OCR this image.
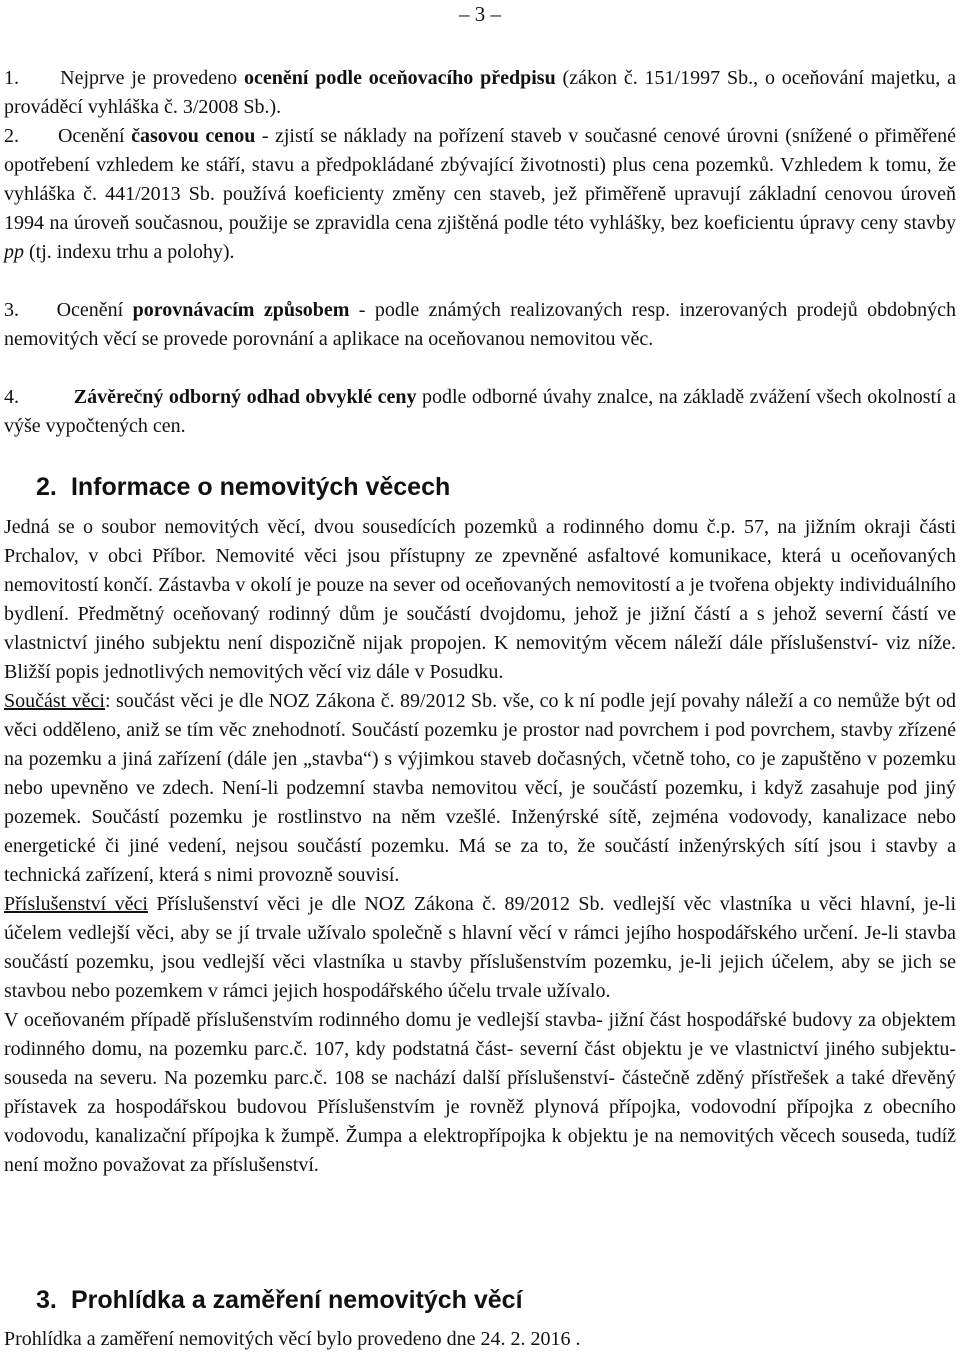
– 3 –

1. Nejprve je provedeno ocenění podle oceňovacího předpisu (zákon č. 151/1997 Sb., o oceňování majetku, a prováděcí vyhláška č. 3/2008 Sb.).

2. Ocenění časovou cenou - zjistí se náklady na pořízení staveb v současné cenové úrovni (snížené o přiměřené opotřebení vzhledem ke stáří, stavu a předpokládané zbývající životnosti) plus cena pozemků. Vzhledem k tomu, že vyhláška č. 441/2013 Sb. používá koeficienty změny cen staveb, jež přiměřeně upravují základní cenovou úroveň 1994 na úroveň současnou, použije se zpravidla cena zjištěná podle této vyhlášky, bez koeficientu úpravy ceny stavby pp (tj. indexu trhu a polohy).

3. Ocenění porovnávacím způsobem - podle známých realizovaných resp. inzerovaných prodejů obdobných nemovitých věcí se provede porovnání a aplikace na oceňovanou nemovitou věc.

4.	Závěrečný odborný odhad obvyklé ceny podle odborné úvahy znalce, na základě zvážení všech okolností a výše vypočtených cen.

2. Informace o nemovitých věcech

Jedná se o soubor nemovitých věcí, dvou sousedících pozemků a rodinného domu č.p. 57, na jižním okraji části Prchalov, v obci Příbor. Nemovité věci jsou přístupny ze zpevněné asfaltové komunikace, která u oceňovaných nemovitostí končí. Zástavba v okolí je pouze na sever od oceňovaných nemovitostí a je tvořena objekty individuálního bydlení. Předmětný oceňovaný rodinný dům je součástí dvojdomu, jehož je jižní částí a s jehož severní částí ve vlastnictví jiného subjektu není dispozičně nijak propojen. K nemovitým věcem náleží dále příslušenství- viz níže. Bližší popis jednotlivých nemovitých věcí viz dále v Posudku.

Součást věci: součást věci je dle NOZ Zákona č. 89/2012 Sb. vše, co k ní podle její povahy náleží a co nemůže být od věci odděleno, aniž se tím věc znehodnotí. Součástí pozemku je prostor nad povrchem i pod povrchem, stavby zřízené na pozemku a jiná zařízení (dále jen „stavba“) s výjimkou staveb dočasných, včetně toho, co je zapuštěno v pozemku nebo upevněno ve zdech. Není-li podzemní stavba nemovitou věcí, je součástí pozemku, i když zasahuje pod jiný pozemek. Součástí pozemku je rostlinstvo na něm vzešlé. Inženýrské sítě, zejména vodovody, kanalizace nebo energetické či jiné vedení, nejsou součástí pozemku. Má se za to, že součástí inženýrských sítí jsou i stavby a technická zařízení, která s nimi provozně souvisí.

Příslušenství věci Příslušenství věci je dle NOZ Zákona č. 89/2012 Sb. vedlejší věc vlastníka u věci hlavní, je-li účelem vedlejší věci, aby se jí trvale užívalo společně s hlavní věcí v rámci jejího hospodářského určení. Je-li stavba součástí pozemku, jsou vedlejší věci vlastníka u stavby příslušenstvím pozemku, je-li jejich účelem, aby se jich se stavbou nebo pozemkem v rámci jejich hospodářského účelu trvale užívalo.

V oceňovaném případě příslušenstvím rodinného domu je vedlejší stavba- jižní část hospodářské budovy za objektem rodinného domu, na pozemku parc.č. 107, kdy podstatná část- severní část objektu je ve vlastnictví jiného subjektu- souseda na severu. Na pozemku parc.č. 108 se nachází další příslušenství- částečně zděný přístřešek a také dřevěný přístavek za hospodářskou budovou Příslušenstvím je rovněž plynová přípojka, vodovodní přípojka z obecního vodovodu, kanalizační přípojka k žumpě. Žumpa a elektropřípojka k objektu je na nemovitých věcech souseda, tudíž není možno považovat za příslušenství.

3. Prohlídka a zaměření nemovitých věcí

Prohlídka a zaměření nemovitých věcí bylo provedeno dne 24. 2. 2016 .
